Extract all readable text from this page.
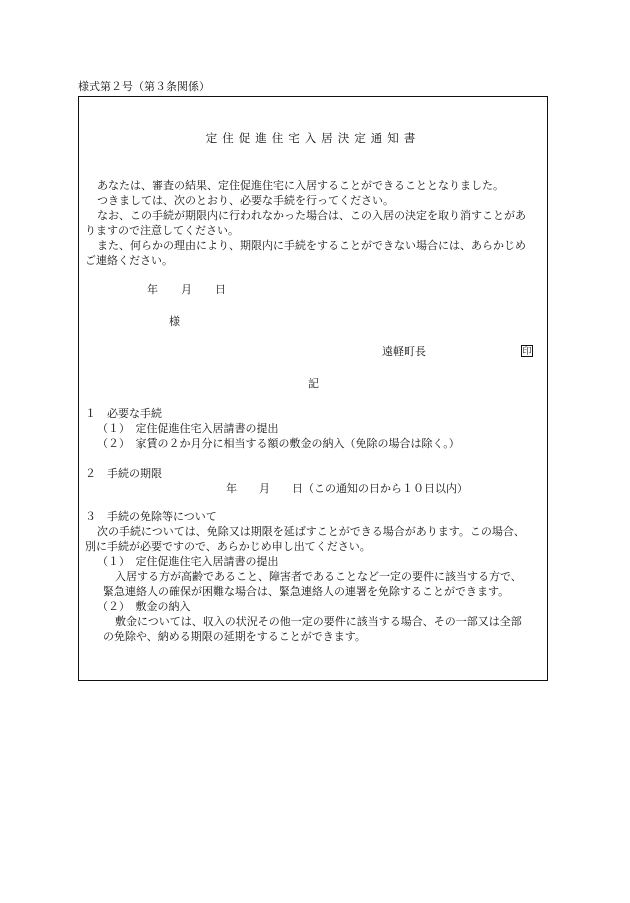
様式第２号（第３条関係）
定住促進住宅入居決定通知書
あなたは、審査の結果、定住促進住宅に入居することができることとなりました。
つきましては、次のとおり、必要な手続を行ってください。
なお、この手続が期限内に行われなかった場合は、この入居の決定を取り消すことがあ
りますので注意してください。
また、何らかの理由により、期限内に手続をすることができない場合には、あらかじめ
ご連絡ください。
年 月 日
様
遠軽町長	印
記
１　必要な手続
（１）　定住促進住宅入居請書の提出
（２）　家賃の２か月分に相当する額の敷金の納入（免除の場合は除く。）
２　手続の期限
年　　月　　日（この通知の日から１０日以内）
３　手続の免除等について
次の手続については、免除又は期限を延ばすことができる場合があります。この場合、
別に手続が必要ですので、あらかじめ申し出てください。
（１）　定住促進住宅入居請書の提出
入居する方が高齢であること、障害者であることなど一定の要件に該当する方で、
緊急連絡人の確保が困難な場合は、緊急連絡人の連署を免除することができます。
（２）　敷金の納入
敷金については、収入の状況その他一定の要件に該当する場合、その一部又は全部
の免除や、納める期限の延期をすることができます。
